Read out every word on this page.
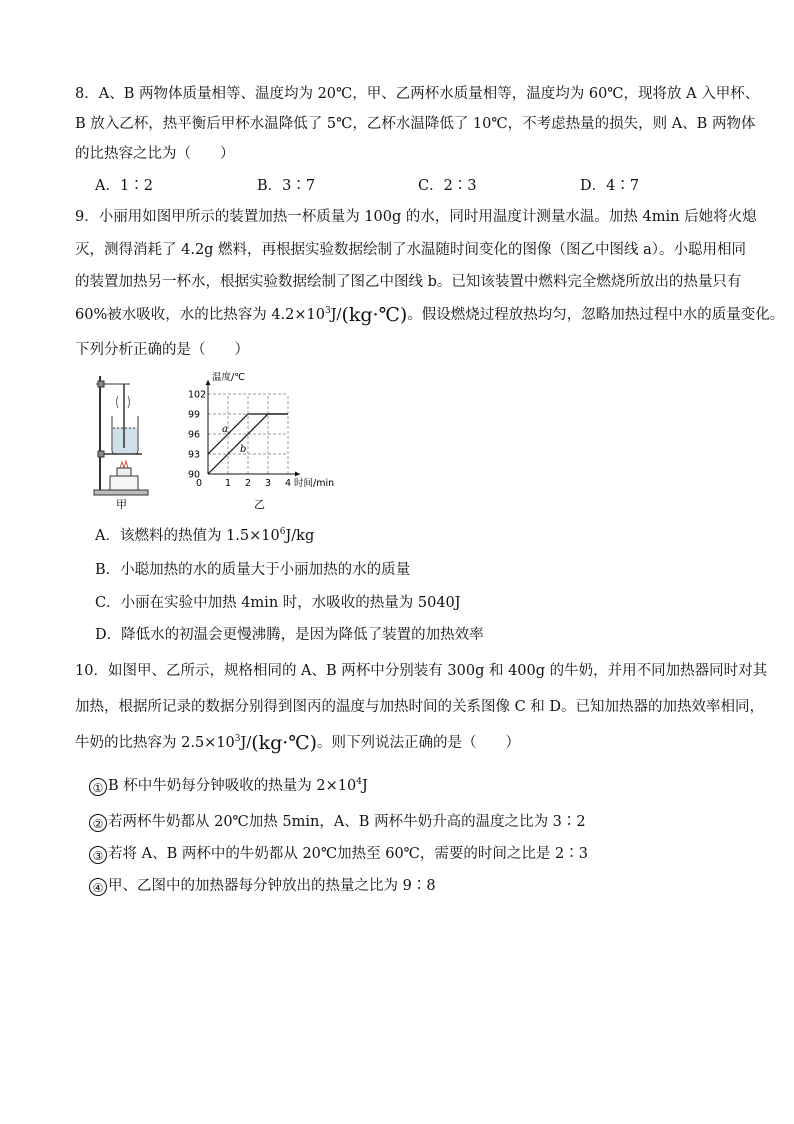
8．A、B 两物体质量相等、温度均为 20℃，甲、乙两杯水质量相等，温度均为 60℃，现将放 A 入甲杯、
B 放入乙杯，热平衡后甲杯水温降低了 5℃，乙杯水温降低了 10℃，不考虑热量的损失，则 A、B 两物体
的比热容之比为（　　）
A．1∶2	B．3∶7	C．2∶3	D．4∶7
9．小丽用如图甲所示的装置加热一杯质量为 100g 的水，同时用温度计测量水温。加热 4min 后她将火熄
灭，测得消耗了 4.2g 燃料，再根据实验数据绘制了水温随时间变化的图像（图乙中图线 a）。小聪用相同
的装置加热另一杯水，根据实验数据绘制了图乙中图线 b。已知该装置中燃料完全燃烧所放出的热量只有
60%被水吸收，水的比热容为 $4.2\times 10^3J/(kg\cdot℃)$。假设燃烧过程放热均匀，忽略加热过程中水的质量变化。
下列分析正确的是（　　）
甲
0 1 2 3 4
90
93
96
99
102
温度/℃
时间/min
a
b
乙
A．该燃料的热值为 $1.5\times 10^6J/kg$
B．小聪加热的水的质量大于小丽加热的水的质量
C．小丽在实验中加热 4min 时，水吸收的热量为 5040J
D．降低水的初温会更慢沸腾，是因为降低了装置的加热效率
10．如图甲、乙所示，规格相同的 A、B 两杯中分别装有 300g 和 400g 的牛奶，并用不同加热器同时对其
加热，根据所记录的数据分别得到图丙的温度与加热时间的关系图像 C 和 D。已知加热器的加热效率相同，
牛奶的比热容为 $2.5\times 10^3J/(kg\cdot℃)$。则下列说法正确的是（　　）
① B 杯中牛奶每分钟吸收的热量为 $2\times 10^4J$
② 若两杯牛奶都从 20℃加热 5min，A、B 两杯牛奶升高的温度之比为 3∶2
③ 若将 A、B 两杯中的牛奶都从 20℃加热至 60℃，需要的时间之比是 2∶3
④ 甲、乙图中的加热器每分钟放出的热量之比为 9∶8
